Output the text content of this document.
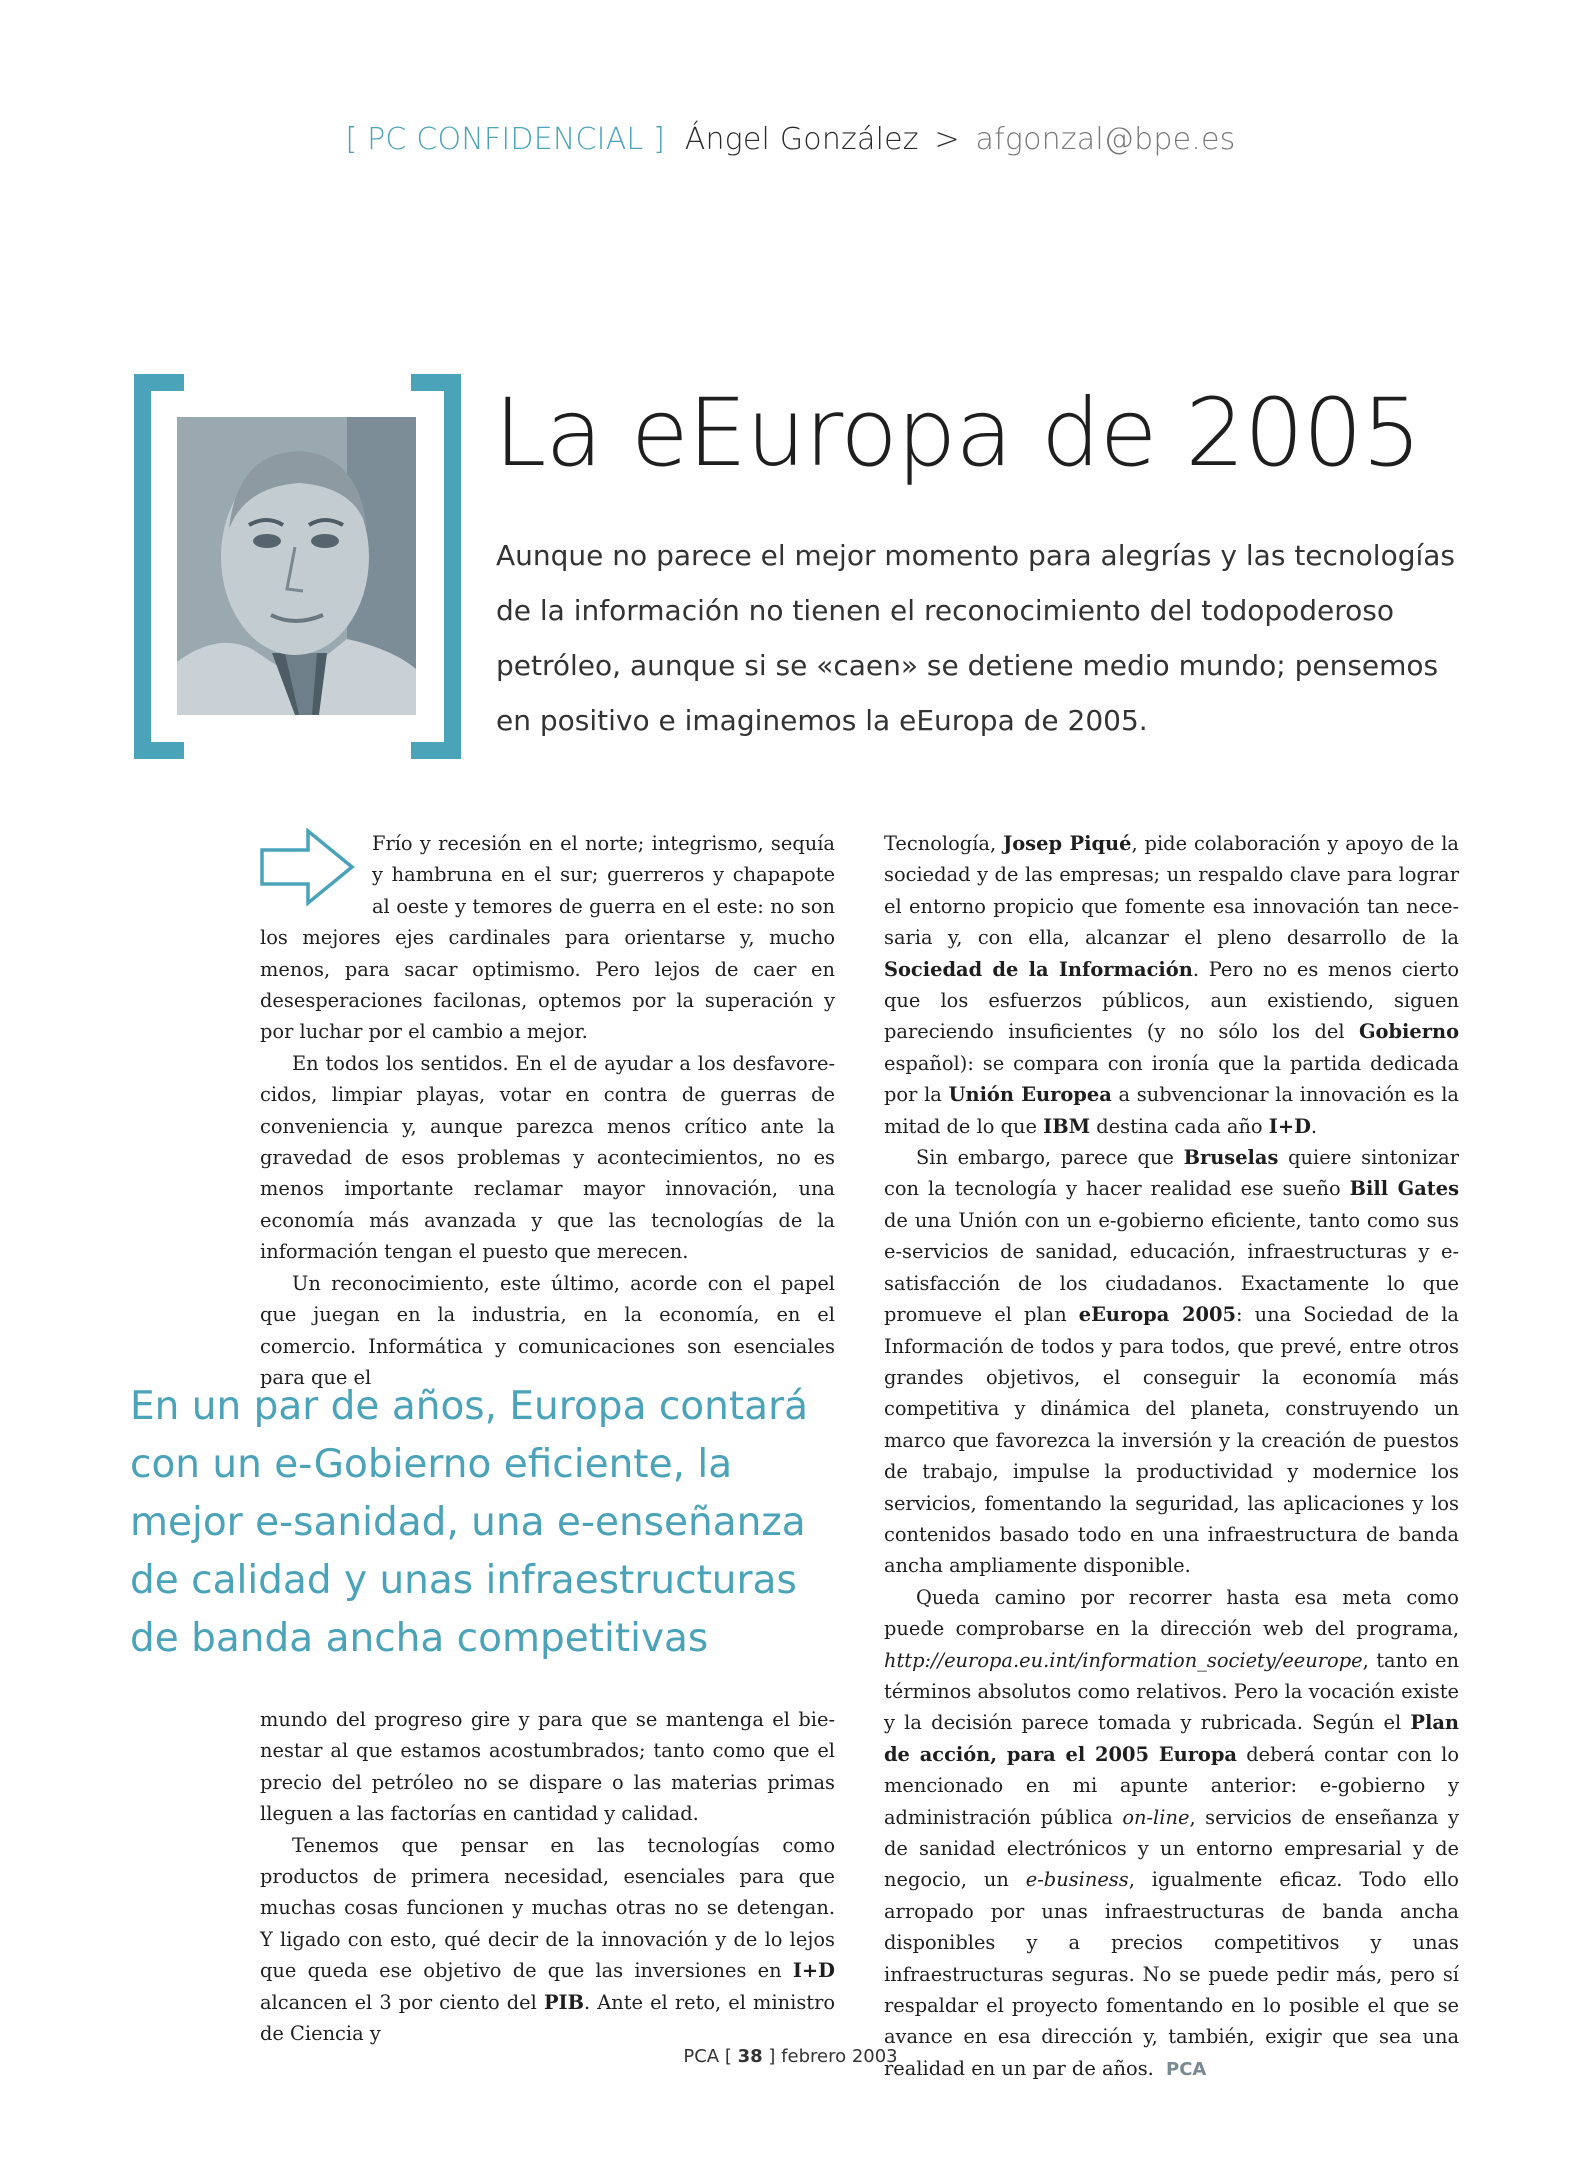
[ PC CONFIDENCIAL ] Ángel González > afgonzal@bpe.es
La eEuropa de 2005

Aunque no parece el mejor momento para alegrías y las tecnologías de la información no tienen el reconocimiento del todopoderoso petróleo, aunque si se «caen» se detiene medio mundo; pensemos en positivo e imaginemos la eEuropa de 2005.

Frío y recesión en el norte; integrismo, sequía y hambruna en el sur; guerreros y chapapote al oeste y temores de guerra en el este: no son los mejores ejes cardinales para orientarse y, mucho menos, para sacar optimismo. Pero lejos de caer en desesperaciones facilonas, optemos por la superación y por luchar por el cambio a mejor.

En todos los sentidos. En el de ayudar a los desfavorecidos, limpiar playas, votar en contra de guerras de conveniencia y, aunque parezca menos crítico ante la gravedad de esos problemas y acontecimientos, no es menos importante reclamar mayor innovación, una economía más avanzada y que las tecnologías de la información tengan el puesto que merecen.

Un reconocimiento, este último, acorde con el papel que juegan en la industria, en la economía, en el comercio. Informática y comunicaciones son esenciales para que el

En un par de años, Europa contará con un e-Gobierno eficiente, la mejor e-sanidad, una e-enseñanza de calidad y unas infraestructuras de banda ancha competitivas

mundo del progreso gire y para que se mantenga el bienestar al que estamos acostumbrados; tanto como que el precio del petróleo no se dispare o las materias primas lleguen a las factorías en cantidad y calidad.

Tenemos que pensar en las tecnologías como productos de primera necesidad, esenciales para que muchas cosas funcionen y muchas otras no se detengan. Y ligado con esto, qué decir de la innovación y de lo lejos que queda ese objetivo de que las inversiones en I+D alcancen el 3 por ciento del PIB. Ante el reto, el ministro de Ciencia y

Tecnología, Josep Piqué, pide colaboración y apoyo de la sociedad y de las empresas; un respaldo clave para lograr el entorno propicio que fomente esa innovación tan necesaria y, con ella, alcanzar el pleno desarrollo de la Sociedad de la Información. Pero no es menos cierto que los esfuerzos públicos, aun existiendo, siguen pareciendo insuficientes (y no sólo los del Gobierno español): se compara con ironía que la partida dedicada por la Unión Europea a subvencionar la innovación es la mitad de lo que IBM destina cada año I+D.

Sin embargo, parece que Bruselas quiere sintonizar con la tecnología y hacer realidad ese sueño Bill Gates de una Unión con un e-gobierno eficiente, tanto como sus e-servicios de sanidad, educación, infraestructuras y e-satisfacción de los ciudadanos. Exactamente lo que promueve el plan eEuropa 2005: una Sociedad de la Información de todos y para todos, que prevé, entre otros grandes objetivos, el conseguir la economía más competitiva y dinámica del planeta, construyendo un marco que favorezca la inversión y la creación de puestos de trabajo, impulse la productividad y modernice los servicios, fomentando la seguridad, las aplicaciones y los contenidos basado todo en una infraestructura de banda ancha ampliamente disponible.

Queda camino por recorrer hasta esa meta como puede comprobarse en la dirección web del programa, http://europa.eu.int/information_society/eeurope, tanto en términos absolutos como relativos. Pero la vocación existe y la decisión parece tomada y rubricada. Según el Plan de acción, para el 2005 Europa deberá contar con lo mencionado en mi apunte anterior: e-gobierno y administración pública on-line, servicios de enseñanza y de sanidad electrónicos y un entorno empresarial y de negocio, un e-business, igualmente eficaz. Todo ello arropado por unas infraestructuras de banda ancha disponibles y a precios competitivos y unas infraestructuras seguras. No se puede pedir más, pero sí respaldar el proyecto fomentando en lo posible el que se avance en esa dirección y, también, exigir que sea una realidad en un par de años. PCA

PCA [ 38 ] febrero 2003
